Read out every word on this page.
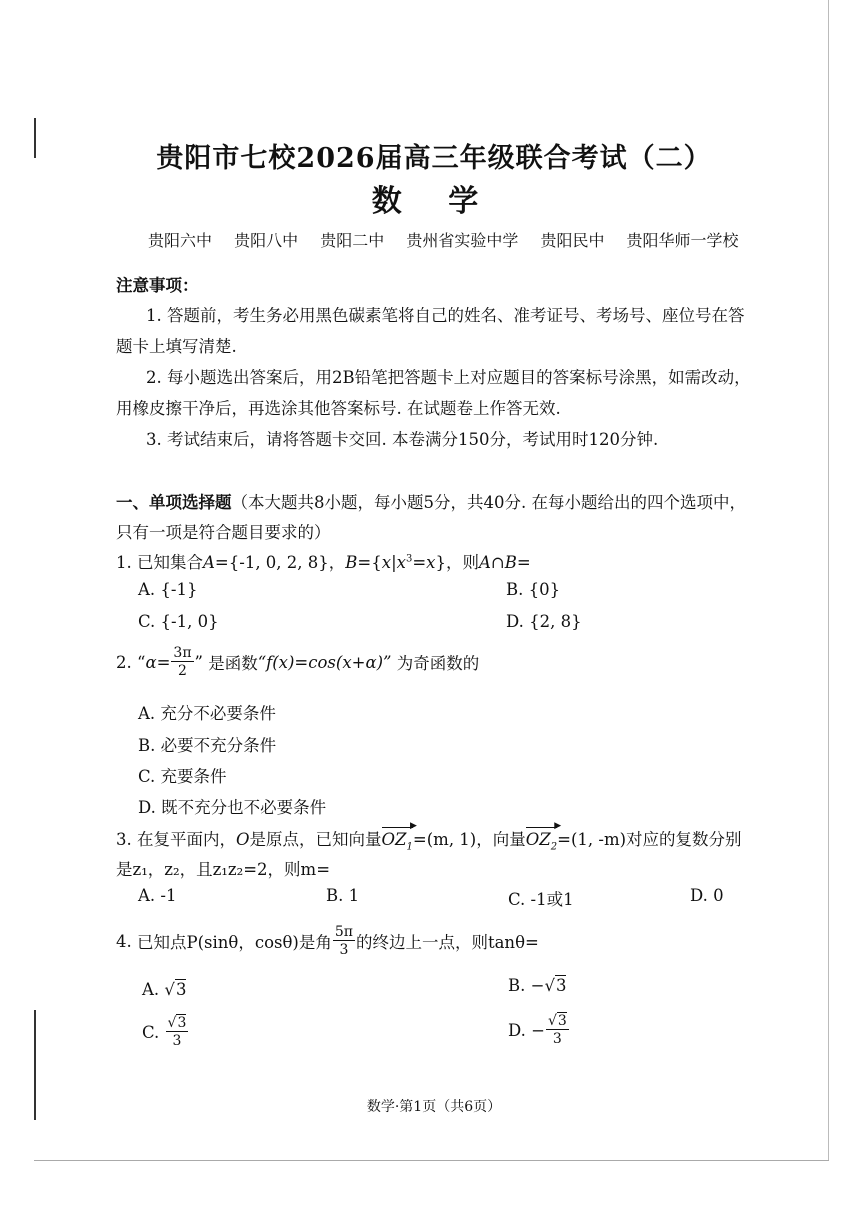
贵阳市七校2026届高三年级联合考试（二）
数 学
贵阳六中 贵阳八中 贵阳二中 贵州省实验中学 贵阳民中 贵阳华师一学校
注意事项：
1. 答题前，考生务必用黑色碳素笔将自己的姓名、准考证号、考场号、座位号在答
题卡上填写清楚.
2. 每小题选出答案后，用2B铅笔把答题卡上对应题目的答案标号涂黑，如需改动，
用橡皮擦干净后，再选涂其他答案标号. 在试题卷上作答无效.
3. 考试结束后，请将答题卡交回. 本卷满分150分，考试用时120分钟.
一、单项选择题（本大题共8小题，每小题5分，共40分. 在每小题给出的四个选项中，
只有一项是符合题目要求的）
1. 已知集合A={-1, 0, 2, 8}，$B=\{x|x^3=x\}$，则A∩B=
A. {-1}	B. {0}
C. {-1, 0}	D. {2, 8}
2.
“ $\alpha= \frac{3\pi}{2}$ ”
是函数 “f(x)=cos(x+α)”
为奇函数的
A. 充分不必要条件
B. 必要不充分条件
C. 充要条件
D. 既不充分也不必要条件
3. 在复平面内，O是原点，已知向量$OZ_1$
▶
=(m, 1)，向量$OZ_2$
▶
=(1, -m)对应的复数分别
是z₁，z₂，且z₁z₂=2，则m=
A. -1	B. 1	C. -1或1	D. 0
4.
已知点P(sinθ，cosθ)是角 $\frac{5\pi}{3}$ 的终边上一点，则tanθ=
A. √3	B. −√3
C.
$\frac{√3}{3}$	D. − $\frac{√3}{3}$
数学·第1页（共6页）
